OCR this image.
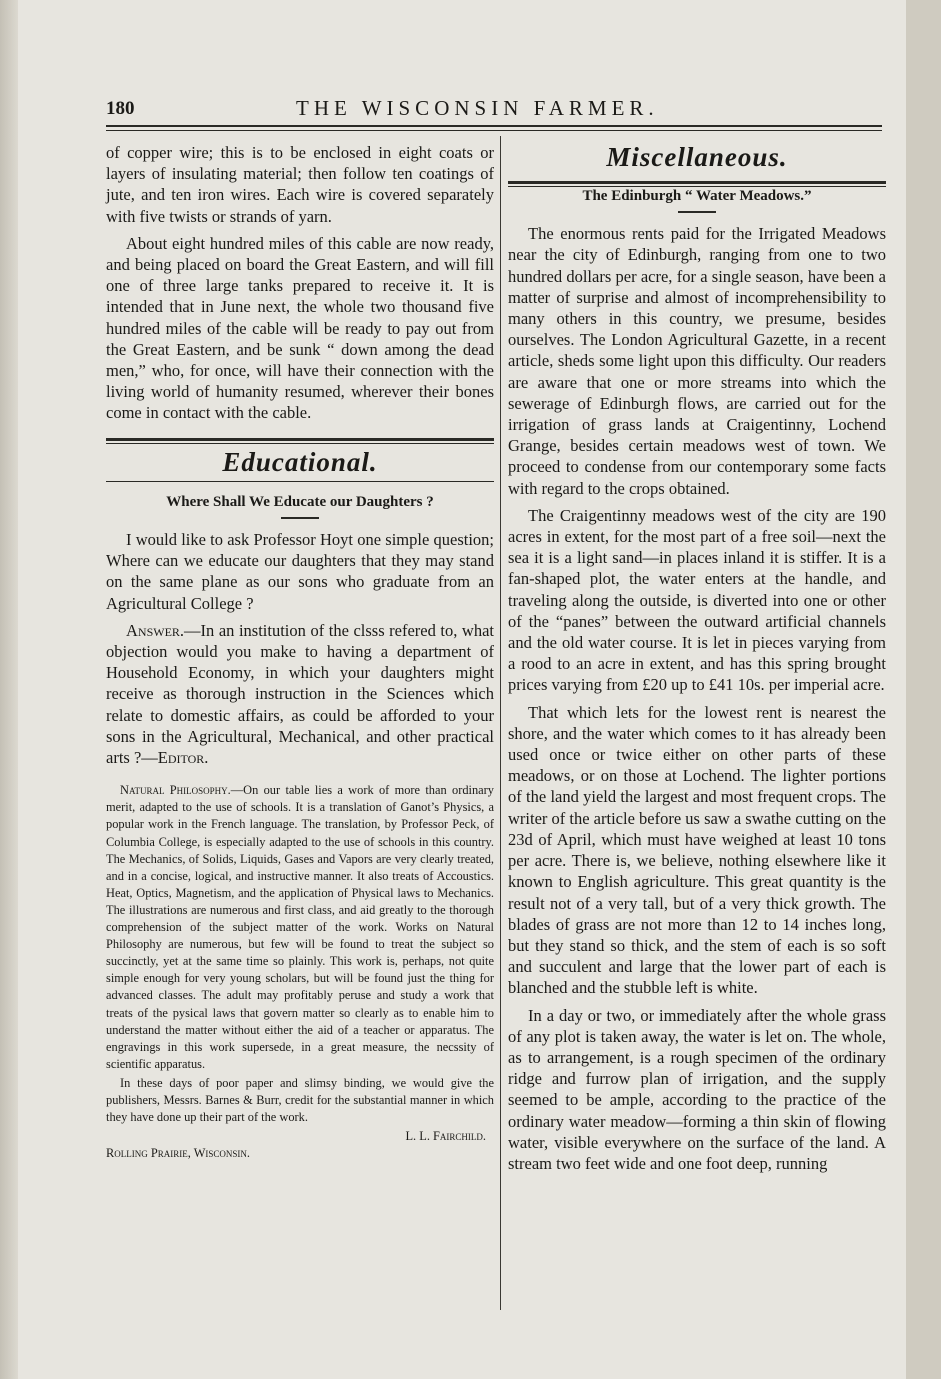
180	THE WISCONSIN FARMER.

of copper wire; this is to be enclosed in eight coats or layers of insulating material; then follow ten coatings of jute, and ten iron wires. Each wire is covered separately with five twists or strands of yarn.

About eight hundred miles of this cable are now ready, and being placed on board the Great Eastern, and will fill one of three large tanks prepared to receive it. It is intended that in June next, the whole two thousand five hundred miles of the cable will be ready to pay out from the Great Eastern, and be sunk “ down among the dead men,” who, for once, will have their connection with the living world of humanity resumed, wherever their bones come in contact with the cable.

Educational.
Where Shall We Educate our Daughters ?

I would like to ask Professor Hoyt one simple question; Where can we educate our daughters that they may stand on the same plane as our sons who graduate from an Agricultural College ?

Answer.—In an institution of the clsss refered to, what objection would you make to having a department of Household Economy, in which your daughters might receive as thorough instruction in the Sciences which relate to domestic affairs, as could be afforded to your sons in the Agricultural, Mechanical, and other practical arts ?—Editor.

Natural Philosophy.—On our table lies a work of more than ordinary merit, adapted to the use of schools. It is a translation of Ganot’s Physics, a popular work in the French language. The translation, by Professor Peck, of Columbia College, is especially adapted to the use of schools in this country. The Mechanics, of Solids, Liquids, Gases and Vapors are very clearly treated, and in a concise, logical, and instructive manner. It also treats of Accoustics. Heat, Optics, Magnetism, and the application of Physical laws to Mechanics. The illustrations are numerous and first class, and aid greatly to the thorough comprehension of the subject matter of the work. Works on Natural Philosophy are numerous, but few will be found to treat the subject so succinctly, yet at the same time so plainly. This work is, perhaps, not quite simple enough for very young scholars, but will be found just the thing for advanced classes. The adult may profitably peruse and study a work that treats of the pysical laws that govern matter so clearly as to enable him to understand the matter without either the aid of a teacher or apparatus. The engravings in this work supersede, in a great measure, the necssity of scientific apparatus.

In these days of poor paper and slimsy binding, we would give the publishers, Messrs. Barnes & Burr, credit for the substantial manner in which they have done up their part of the work.

L. L. Fairchild.

Rolling Prairie, Wisconsin.

Miscellaneous.
The Edinburgh “ Water Meadows.”

The enormous rents paid for the Irrigated Meadows near the city of Edinburgh, ranging from one to two hundred dollars per acre, for a single season, have been a matter of surprise and almost of incomprehensibility to many others in this country, we presume, besides ourselves. The London Agricultural Gazette, in a recent article, sheds some light upon this difficulty. Our readers are aware that one or more streams into which the sewerage of Edinburgh flows, are carried out for the irrigation of grass lands at Craigentinny, Lochend Grange, besides certain meadows west of town. We proceed to condense from our contemporary some facts with regard to the crops obtained.

The Craigentinny meadows west of the city are 190 acres in extent, for the most part of a free soil—next the sea it is a light sand—in places inland it is stiffer. It is a fan-shaped plot, the water enters at the handle, and traveling along the outside, is diverted into one or other of the “panes” between the outward artificial channels and the old water course. It is let in pieces varying from a rood to an acre in extent, and has this spring brought prices varying from £20 up to £41 10s. per imperial acre.

That which lets for the lowest rent is nearest the shore, and the water which comes to it has already been used once or twice either on other parts of these meadows, or on those at Lochend. The lighter portions of the land yield the largest and most frequent crops. The writer of the article before us saw a swathe cutting on the 23d of April, which must have weighed at least 10 tons per acre. There is, we believe, nothing elsewhere like it known to English agriculture. This great quantity is the result not of a very tall, but of a very thick growth. The blades of grass are not more than 12 to 14 inches long, but they stand so thick, and the stem of each is so soft and succulent and large that the lower part of each is blanched and the stubble left is white.

In a day or two, or immediately after the whole grass of any plot is taken away, the water is let on. The whole, as to arrangement, is a rough specimen of the ordinary ridge and furrow plan of irrigation, and the supply seemed to be ample, according to the practice of the ordinary water meadow—forming a thin skin of flowing water, visible everywhere on the surface of the land. A stream two feet wide and one foot deep, running
